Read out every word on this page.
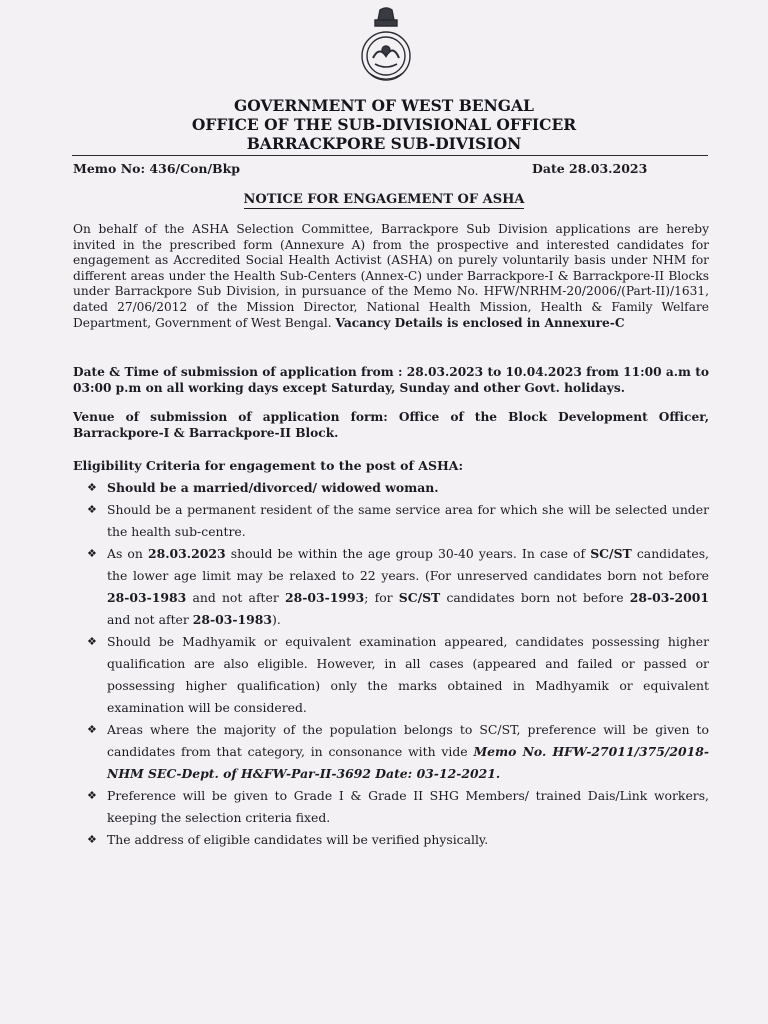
GOVERNMENT OF WEST BENGAL
OFFICE OF THE SUB-DIVISIONAL OFFICER
BARRACKPORE SUB-DIVISION
Memo No: 436/Con/Bkp	Date 28.03.2023
NOTICE FOR ENGAGEMENT OF ASHA

On behalf of the ASHA Selection Committee, Barrackpore Sub Division applications are hereby invited in the prescribed form (Annexure A) from the prospective and interested candidates for engagement as Accredited Social Health Activist (ASHA) on purely voluntarily basis under NHM for different areas under the Health Sub-Centers (Annex-C) under Barrackpore-I & Barrackpore-II Blocks under Barrackpore Sub Division, in pursuance of the Memo No. HFW/NRHM-20/2006/(Part-II)/1631, dated 27/06/2012 of the Mission Director, National Health Mission, Health & Family Welfare Department, Government of West Bengal. Vacancy Details is enclosed in Annexure-C

Date & Time of submission of application from : 28.03.2023 to 10.04.2023 from 11:00 a.m to 03:00 p.m on all working days except Saturday, Sunday and other Govt. holidays.

Venue of submission of application form: Office of the Block Development Officer, Barrackpore-I & Barrackpore-II Block.

Eligibility Criteria for engagement to the post of ASHA:
❖ Should be a married/divorced/ widowed woman.
❖ Should be a permanent resident of the same service area for which she will be selected under the health sub-centre.
❖ As on 28.03.2023 should be within the age group 30-40 years. In case of SC/ST candidates, the lower age limit may be relaxed to 22 years. (For unreserved candidates born not before 28-03-1983 and not after 28-03-1993; for SC/ST candidates born not before 28-03-2001 and not after 28-03-1983).
❖ Should be Madhyamik or equivalent examination appeared, candidates possessing higher qualification are also eligible. However, in all cases (appeared and failed or passed or possessing higher qualification) only the marks obtained in Madhyamik or equivalent examination will be considered.
❖ Areas where the majority of the population belongs to SC/ST, preference will be given to candidates from that category, in consonance with vide Memo No. HFW-27011/375/2018-NHM SEC-Dept. of H&FW-Par-II-3692 Date: 03-12-2021.
❖ Preference will be given to Grade I & Grade II SHG Members/ trained Dais/Link workers, keeping the selection criteria fixed.
❖ The address of eligible candidates will be verified physically.
